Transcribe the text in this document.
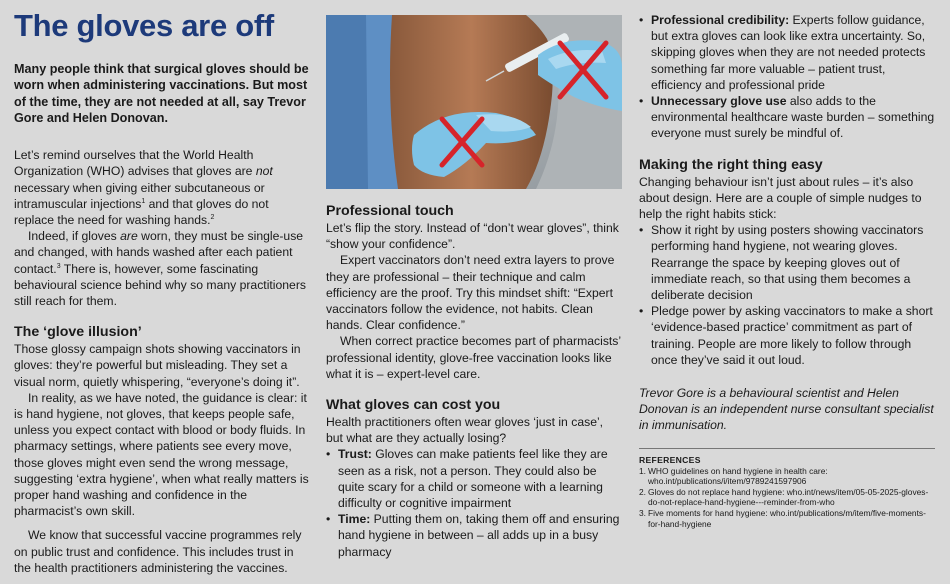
The gloves are off

Many people think that surgical gloves should be worn when administering vaccinations. But most of the time, they are not needed at all, say Trevor Gore and Helen Donovan.

Let’s remind ourselves that the World Health Organization (WHO) advises that gloves are not necessary when giving either subcutaneous or intramuscular injections$^1$ and that gloves do not replace the need for washing hands.$^2$

Indeed, if gloves are worn, they must be single-use and changed, with hands washed after each patient contact.$^3$ There is, however, some fascinating behavioural science behind why so many practitioners still reach for them.

The ‘glove illusion’

Those glossy campaign shots showing vaccinators in gloves: they’re powerful but misleading. They set a visual norm, quietly whispering, “everyone’s doing it”.

In reality, as we have noted, the guidance is clear: it is hand hygiene, not gloves, that keeps people safe, unless you expect contact with blood or body fluids. In pharmacy settings, where patients see every move, those gloves might even send the wrong message, suggesting ‘extra hygiene’, when what really matters is proper hand washing and confidence in the pharmacist’s own skill.

We know that successful vaccine programmes rely on public trust and confidence. This includes trust in the health practitioners administering the vaccines.

Professional touch

Let’s flip the story. Instead of “don’t wear gloves”, think “show your confidence”.

Expert vaccinators don’t need extra layers to prove they are professional – their technique and calm efficiency are the proof. Try this mindset shift: “Expert vaccinators follow the evidence, not habits. Clean hands. Clear confidence.”

When correct practice becomes part of pharmacists’ professional identity, glove-free vaccination looks like what it is – expert-level care.

What gloves can cost you

Health practitioners often wear gloves ‘just in case’, but what are they actually losing?

• Trust: Gloves can make patients feel like they are seen as a risk, not a person. They could also be quite scary for a child or someone with a learning difficulty or cognitive impairment
• Time: Putting them on, taking them off and ensuring hand hygiene in between – all adds up in a busy pharmacy
• Professional credibility: Experts follow guidance, but extra gloves can look like extra uncertainty. So, skipping gloves when they are not needed protects something far more valuable – patient trust, efficiency and professional pride
• Unnecessary glove use also adds to the environmental healthcare waste burden – something everyone must surely be mindful of.
Making the right thing easy

Changing behaviour isn’t just about rules – it’s also about design. Here are a couple of simple nudges to help the right habits stick:

• Show it right by using posters showing vaccinators performing hand hygiene, not wearing gloves. Rearrange the space by keeping gloves out of immediate reach, so that using them becomes a deliberate decision
• Pledge power by asking vaccinators to make a short ‘evidence-based practice’ commitment as part of training. People are more likely to follow through once they’ve said it out loud.

Trevor Gore is a behavioural scientist and Helen Donovan is an independent nurse consultant specialist in immunisation.

REFERENCES
1. WHO guidelines on hand hygiene in health care: who.int/publications/i/item/9789241597906
2. Gloves do not replace hand hygiene: who.int/news/item/05-05-2025-gloves-do-not-replace-hand-hygiene---reminder-from-who
3. Five moments for hand hygiene: who.int/publications/m/item/five-moments-for-hand-hygiene
